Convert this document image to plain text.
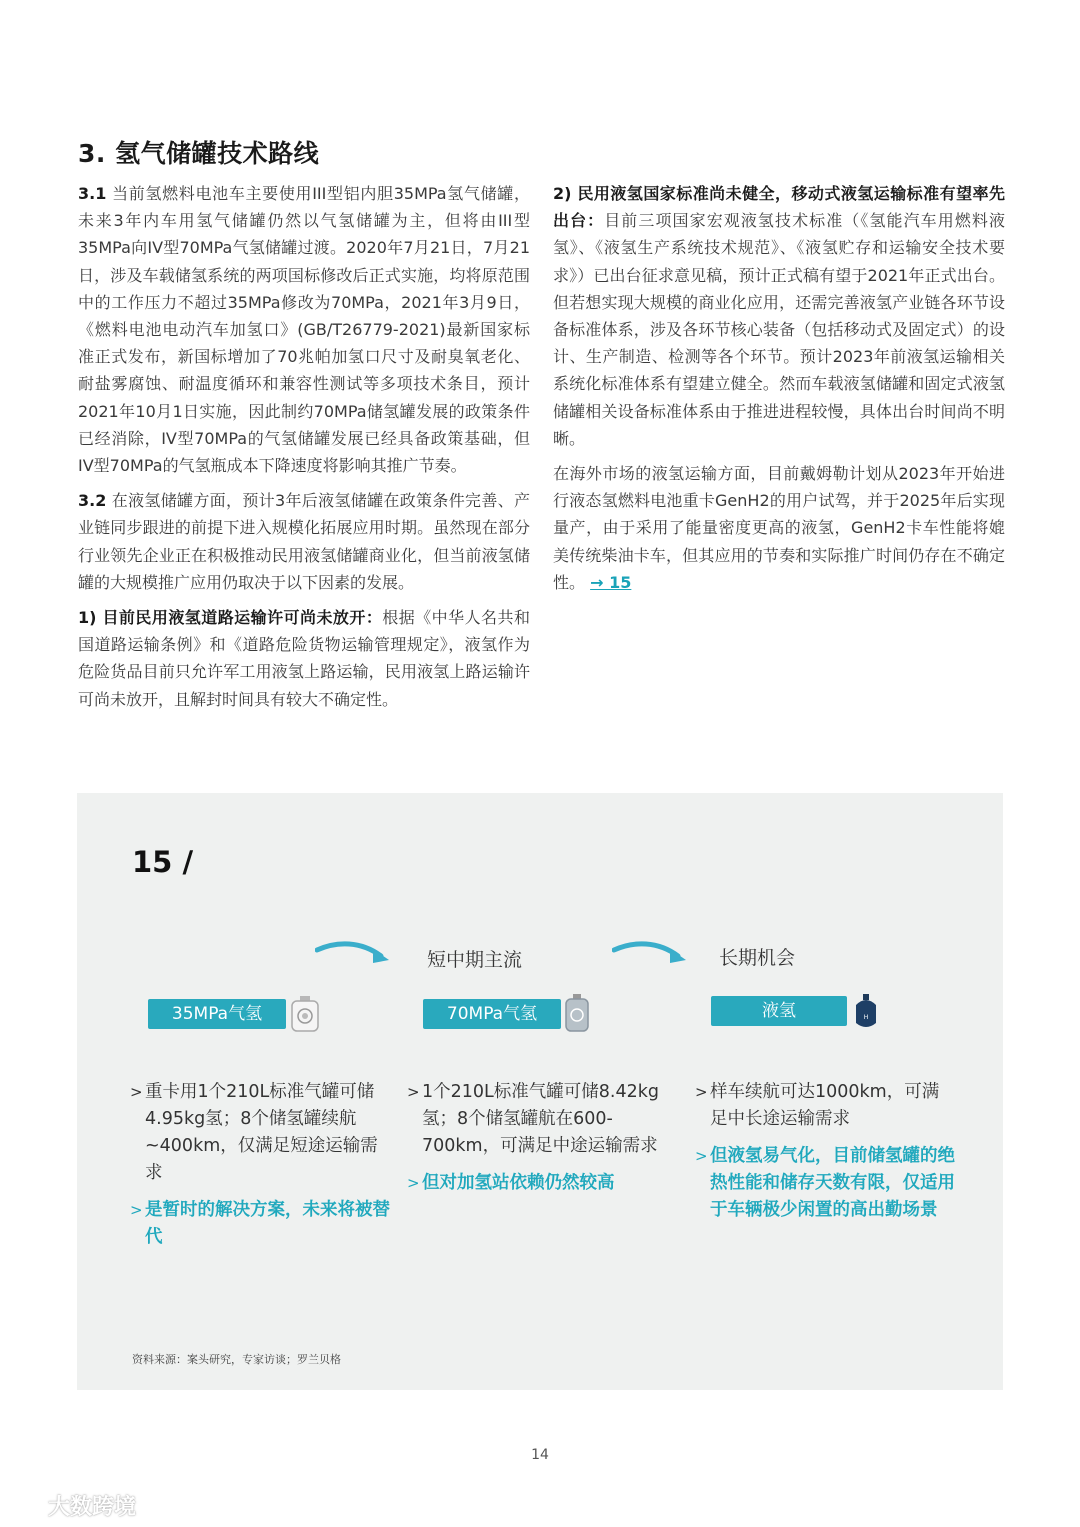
3. 氢气储罐技术路线

3.1 当前氢燃料电池车主要使用III型铝内胆35MPa氢气储罐，未来3年内车用氢气储罐仍然以气氢储罐为主，但将由III型35MPa向IV型70MPa气氢储罐过渡。2020年7月21日，7月21日，涉及车载储氢系统的两项国标修改后正式实施，均将原范围中的工作压力不超过35MPa修改为70MPa，2021年3月9日，《燃料电池电动汽车加氢口》(GB/T26779-2021)最新国家标准正式发布，新国标增加了70兆帕加氢口尺寸及耐臭氧老化、耐盐雾腐蚀、耐温度循环和兼容性测试等多项技术条目，预计2021年10月1日实施，因此制约70MPa储氢罐发展的政策条件已经消除，IV型70MPa的气氢储罐发展已经具备政策基础，但IV型70MPa的气氢瓶成本下降速度将影响其推广节奏。

3.2 在液氢储罐方面，预计3年后液氢储罐在政策条件完善、产业链同步跟进的前提下进入规模化拓展应用时期。虽然现在部分行业领先企业正在积极推动民用液氢储罐商业化，但当前液氢储罐的大规模推广应用仍取决于以下因素的发展。

1) 目前民用液氢道路运输许可尚未放开：根据《中华人名共和国道路运输条例》和《道路危险货物运输管理规定》，液氢作为危险货品目前只允许军工用液氢上路运输，民用液氢上路运输许可尚未放开，且解封时间具有较大不确定性。

2) 民用液氢国家标准尚未健全，移动式液氢运输标准有望率先出台：目前三项国家宏观液氢技术标准（《氢能汽车用燃料液氢》、《液氢生产系统技术规范》、《液氢贮存和运输安全技术要求》）已出台征求意见稿，预计正式稿有望于2021年正式出台。但若想实现大规模的商业化应用，还需完善液氢产业链各环节设备标准体系，涉及各环节核心装备（包括移动式及固定式）的设计、生产制造、检测等各个环节。预计2023年前液氢运输相关系统化标准体系有望建立健全。然而车载液氢储罐和固定式液氢储罐相关设备标准体系由于推进进程较慢，具体出台时间尚不明晰。

在海外市场的液氢运输方面，目前戴姆勒计划从2023年开始进行液态氢燃料电池重卡GenH2的用户试驾，并于2025年后实现量产，由于采用了能量密度更高的液氢，GenH2卡车性能将媲美传统柴油卡车，但其应用的节奏和实际推广时间仍存在不确定性。 → 15

15 /
短中期主流	长期机会
35MPa气氢	70MPa气氢	液氢	H
> 重卡用1个210L标准气罐可储4.95kg氢；8个储氢罐续航~400km，仅满足短途运输需求
> 是暂时的解决方案，未来将被替代
> 1个210L标准气罐可储8.42kg氢；8个储氢罐航在600-700km，可满足中途运输需求
> 但对加氢站依赖仍然较高
> 样车续航可达1000km，可满足中长途运输需求
> 但液氢易气化，目前储氢罐的绝热性能和储存天数有限，仅适用于车辆极少闲置的高出勤场景
资料来源：案头研究，专家访谈；罗兰贝格
14
大数跨境
